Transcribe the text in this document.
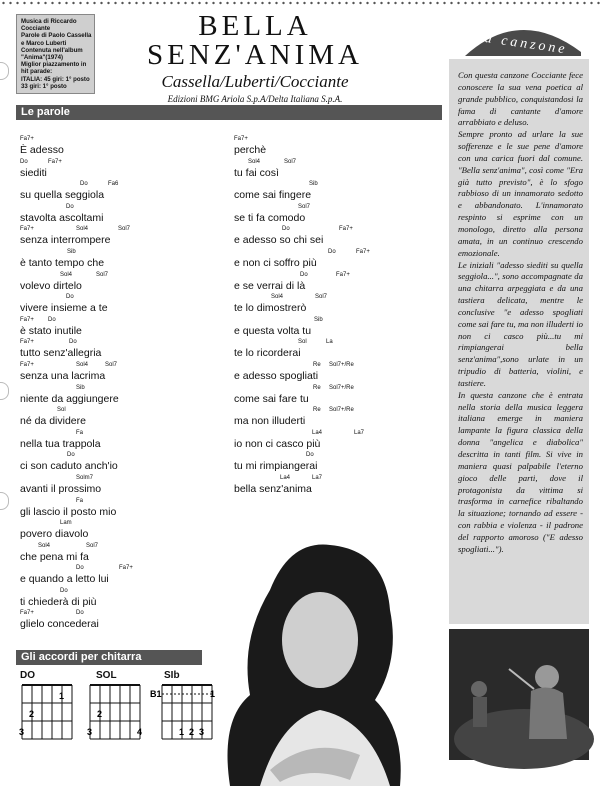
Musica di Riccardo
Cocciante
Parole di Paolo Cassella
e Marco Luberti
Contenuta nell'album
"Anima"(1974)
Miglior piazzamento in
hit parade:
ITALIA: 45 giri: 1° posto
33 giri: 1° posto
BELLA
SENZ'ANIMA
Cassella/Luberti/Cocciante
Edizioni BMG Ariola S.p.A/Delta Italiana S.p.A.
La canzone
Le parole
Fa7+
È adesso
Do	Fa7+
siediti
Do	Fa6
su quella seggiola
Do
stavolta ascoltami
Fa7+	Sol4	Sol7
senza interrompere
Sib
è tanto tempo che
Sol4	Sol7
volevo dirtelo
Do
vivere insieme a te
Fa7+ Do
è stato inutile
Fa7+	Do
tutto senz'allegria
Fa7+	Sol4	Sol7
senza una lacrima
Sib
niente da aggiungere
Sol
né da dividere
Fa
nella tua trappola
Do
ci son caduto anch'io
Solm7
avanti il prossimo
Fa
gli lascio il posto mio
Lam
povero diavolo
Sol4	Sol7
che pena mi fa
Do	Fa7+
e quando a letto lui
Do
ti chiederà di più
Fa7+	Do
glielo concederai
Fa7+
perchè
Sol4	Sol7
tu fai così
Sib
come sai fingere
Sol7
se ti fa comodo
Do	Fa7+
e adesso so chi sei
Do	Fa7+
e non ci soffro più
Do	Fa7+
e se verrai di là
Sol4	Sol7
te lo dimostrerò
Sib
e questa volta tu
Sol	La
te lo ricorderai
Re Sol7+/Re
e adesso spogliati
Re Sol7+/Re
come sai fare tu
Re Sol7+/Re
ma non illuderti
La4	La7
io non ci casco più
Do
tu mi rimpiangerai
La4	La7
bella senz'anima
Gli accordi per chitarra
DO
1
2
3
SOL
2
3	4
SIb
B1
1 2 3
1

Con questa canzone Cocciante fece conoscere la sua vena poetica al grande pubblico, conquistandosi la fama di cantante d'amore arrabbiato e deluso.

Sempre pronto ad urlare la sue sofferenze e le sue pene d'amore con una carica fuori dal comune. "Bella senz'anima", così come "Era già tutto previsto", è lo sfogo rabbioso di un innamorato sedotto e abbandonato. L'innamorato respinto si esprime con un monologo, diretto alla persona amata, in un continuo crescendo emozionale.

Le iniziali "adesso siediti su quella seggiola...", sono accompagnate da una chitarra arpeggiata e da una tastiera delicata, mentre le conclusive "e adesso spogliati come sai fare tu, ma non illuderti io non ci casco più...tu mi rimpiangerai bella senz'anima",sono urlate in un tripudio di batteria, violini, e tastiere.

In questa canzone che è entrata nella storia della musica leggera italiana emerge in maniera lampante la figura classica della donna "angelica e diabolica" descritta in tanti film. Si vive in maniera quasi palpabile l'eterno gioco delle parti, dove il protagonista da vittima si trasforma in carnefice ribaltando la situazione; tornando ad essere - con rabbia e violenza - il padrone del rapporto amoroso ("E adesso spogliati...").
